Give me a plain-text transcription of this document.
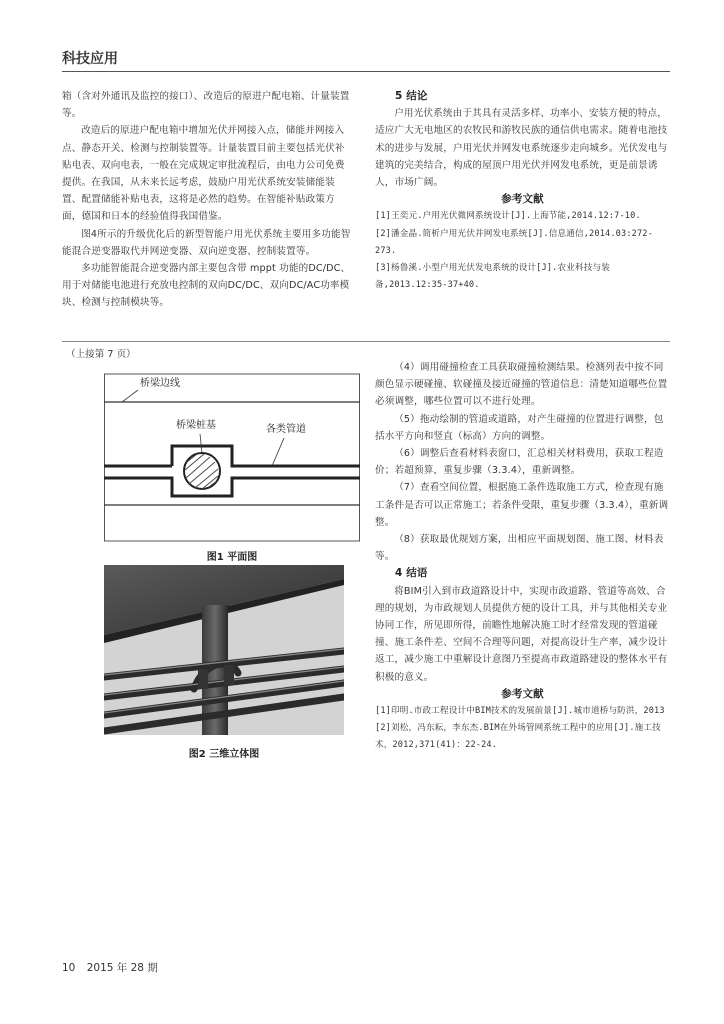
科技应用

箱（含对外通讯及监控的接口）、改造后的原进户配电箱、计量装置等。

改造后的原进户配电箱中增加光伏并网接入点，储能并网接入点、静态开关、检测与控制装置等。计量装置目前主要包括光伏补贴电表、双向电表，一般在完成规定审批流程后，由电力公司免费提供。在我国，从未来长远考虑，鼓励户用光伏系统安装储能装置、配置储能补贴电表，这将是必然的趋势。在智能补贴政策方面，德国和日本的经验值得我国借鉴。

图4所示的升级优化后的新型智能户用光伏系统主要用多功能智能混合逆变器取代并网逆变器、双向逆变器、控制装置等。

多功能智能混合逆变器内部主要包含带 mppt 功能的DC/DC、用于对储能电池进行充放电控制的双向DC/DC、双向DC/AC功率模块、检测与控制模块等。

5 结论

户用光伏系统由于其具有灵活多样、功率小、安装方便的特点，适应广大无电地区的农牧民和游牧民族的通信供电需求。随着电池技术的进步与发展，户用光伏并网发电系统逐步走向城乡。光伏发电与建筑的完美结合，构成的屋顶户用光伏并网发电系统，更是前景诱人，市场广阔。

参考文献

[1]王奕元.户用光伏微网系统设计[J].上海节能,2014.12:7-10.

[2]潘金晶.简析户用光伏并网发电系统[J].信息通信,2014.03:272-273.

[3]杨鲁溪.小型户用光伏发电系统的设计[J].农业科技与装备,2013.12:35-37+40.

（上接第 7 页）
桥梁边线
桥梁桩基	各类管道
图1 平面图
图2 三维立体图

（4）调用碰撞检查工具获取碰撞检测结果。检测列表中按不同颜色显示硬碰撞、软碰撞及接近碰撞的管道信息：清楚知道哪些位置必须调整，哪些位置可以不进行处理。

（5）拖动绘制的管道或道路，对产生碰撞的位置进行调整，包括水平方向和竖直（标高）方向的调整。

（6）调整后查看材料表窗口，汇总相关材料费用，获取工程造价；若超预算，重复步骤（3.3.4），重新调整。

（7）查看空间位置，根据施工条件选取施工方式，检查现有施工条件是否可以正常施工；若条件受限，重复步骤（3.3.4），重新调整。

（8）获取最优规划方案，出相应平面规划图、施工图、材料表等。

4 结语

将BIM引入到市政道路设计中，实现市政道路、管道等高效、合理的规划，为市政规划人员提供方便的设计工具，并与其他相关专业协同工作，所见即所得，前瞻性地解决施工时才经常发现的管道碰撞、施工条件差、空间不合理等问题，对提高设计生产率，减少设计返工，减少施工中重解设计意图乃至提高市政道路建设的整体水平有积极的意义。

参考文献

[1]印明.市政工程设计中BIM技术的发展前景[J].城市道桥与防洪，2013

[2]刘松，冯东耘，李东杰.BIM在外场管网系统工程中的应用[J].施工技术，2012,371(41)：22-24.

10 2015 年 28 期
